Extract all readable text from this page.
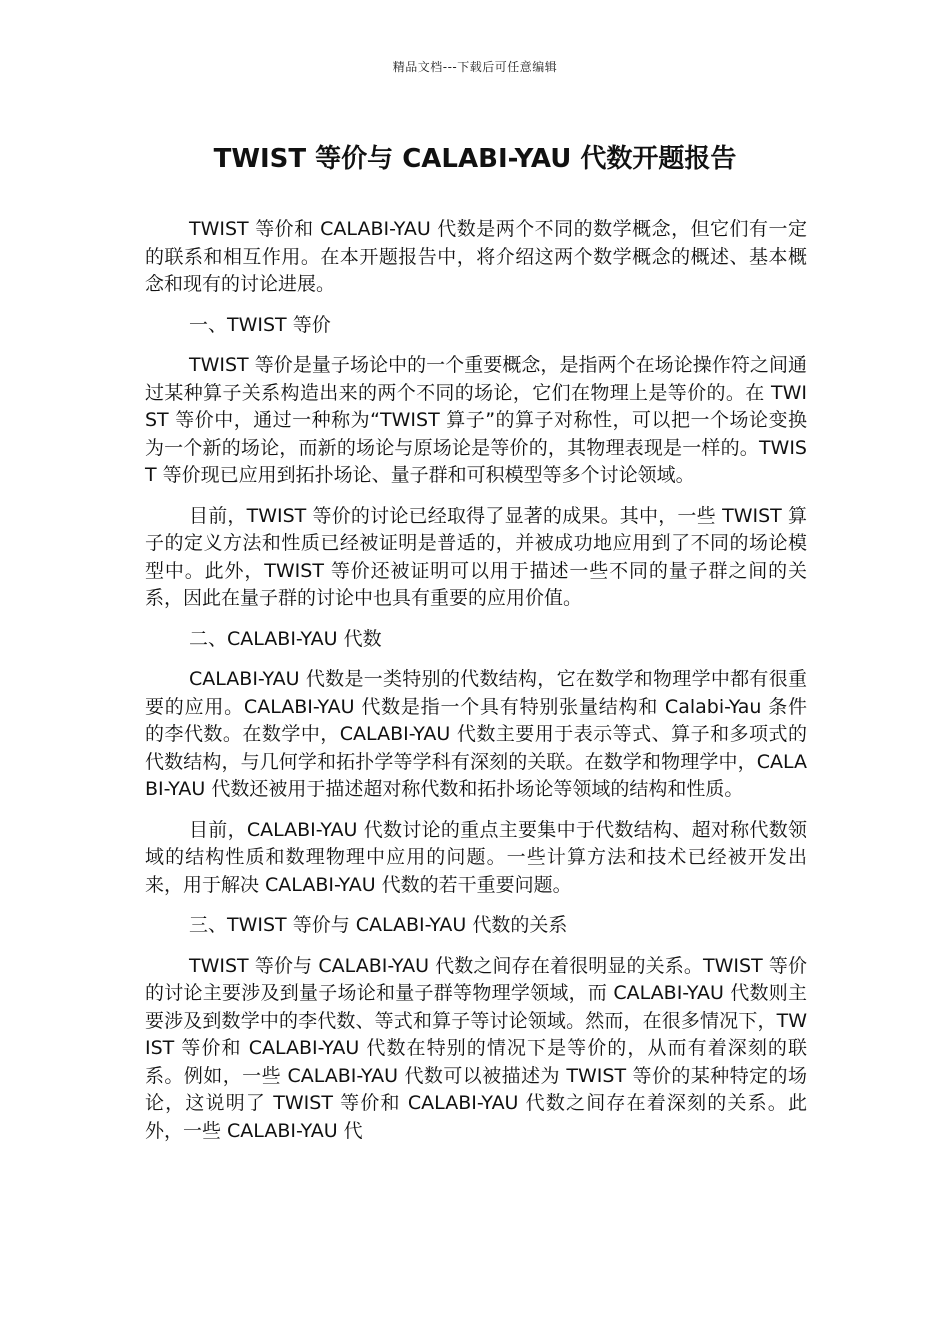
精品文档---下载后可任意编辑
TWIST 等价与 CALABI-YAU 代数开题报告

TWIST 等价和 CALABI-YAU 代数是两个不同的数学概念，但它们有一定的联系和相互作用。在本开题报告中，将介绍这两个数学概念的概述、基本概念和现有的讨论进展。

一、TWIST 等价

TWIST 等价是量子场论中的一个重要概念，是指两个在场论操作符之间通过某种算子关系构造出来的两个不同的场论，它们在物理上是等价的。在 TWIST 等价中，通过一种称为“TWIST 算子”的算子对称性，可以把一个场论变换为一个新的场论，而新的场论与原场论是等价的，其物理表现是一样的。TWIST 等价现已应用到拓扑场论、量子群和可积模型等多个讨论领域。

目前，TWIST 等价的讨论已经取得了显著的成果。其中，一些 TWIST 算子的定义方法和性质已经被证明是普适的，并被成功地应用到了不同的场论模型中。此外，TWIST 等价还被证明可以用于描述一些不同的量子群之间的关系，因此在量子群的讨论中也具有重要的应用价值。

二、CALABI-YAU 代数

CALABI-YAU 代数是一类特别的代数结构，它在数学和物理学中都有很重要的应用。CALABI-YAU 代数是指一个具有特别张量结构和 Calabi-Yau 条件的李代数。在数学中，CALABI-YAU 代数主要用于表示等式、算子和多项式的代数结构，与几何学和拓扑学等学科有深刻的关联。在数学和物理学中，CALABI-YAU 代数还被用于描述超对称代数和拓扑场论等领域的结构和性质。

目前，CALABI-YAU 代数讨论的重点主要集中于代数结构、超对称代数领域的结构性质和数理物理中应用的问题。一些计算方法和技术已经被开发出来，用于解决 CALABI-YAU 代数的若干重要问题。

三、TWIST 等价与 CALABI-YAU 代数的关系

TWIST 等价与 CALABI-YAU 代数之间存在着很明显的关系。TWIST 等价的讨论主要涉及到量子场论和量子群等物理学领域，而 CALABI-YAU 代数则主要涉及到数学中的李代数、等式和算子等讨论领域。然而，在很多情况下，TWIST 等价和 CALABI-YAU 代数在特别的情况下是等价的，从而有着深刻的联系。例如，一些 CALABI-YAU 代数可以被描述为 TWIST 等价的某种特定的场论，这说明了 TWIST 等价和 CALABI-YAU 代数之间存在着深刻的关系。此外，一些 CALABI-YAU 代
